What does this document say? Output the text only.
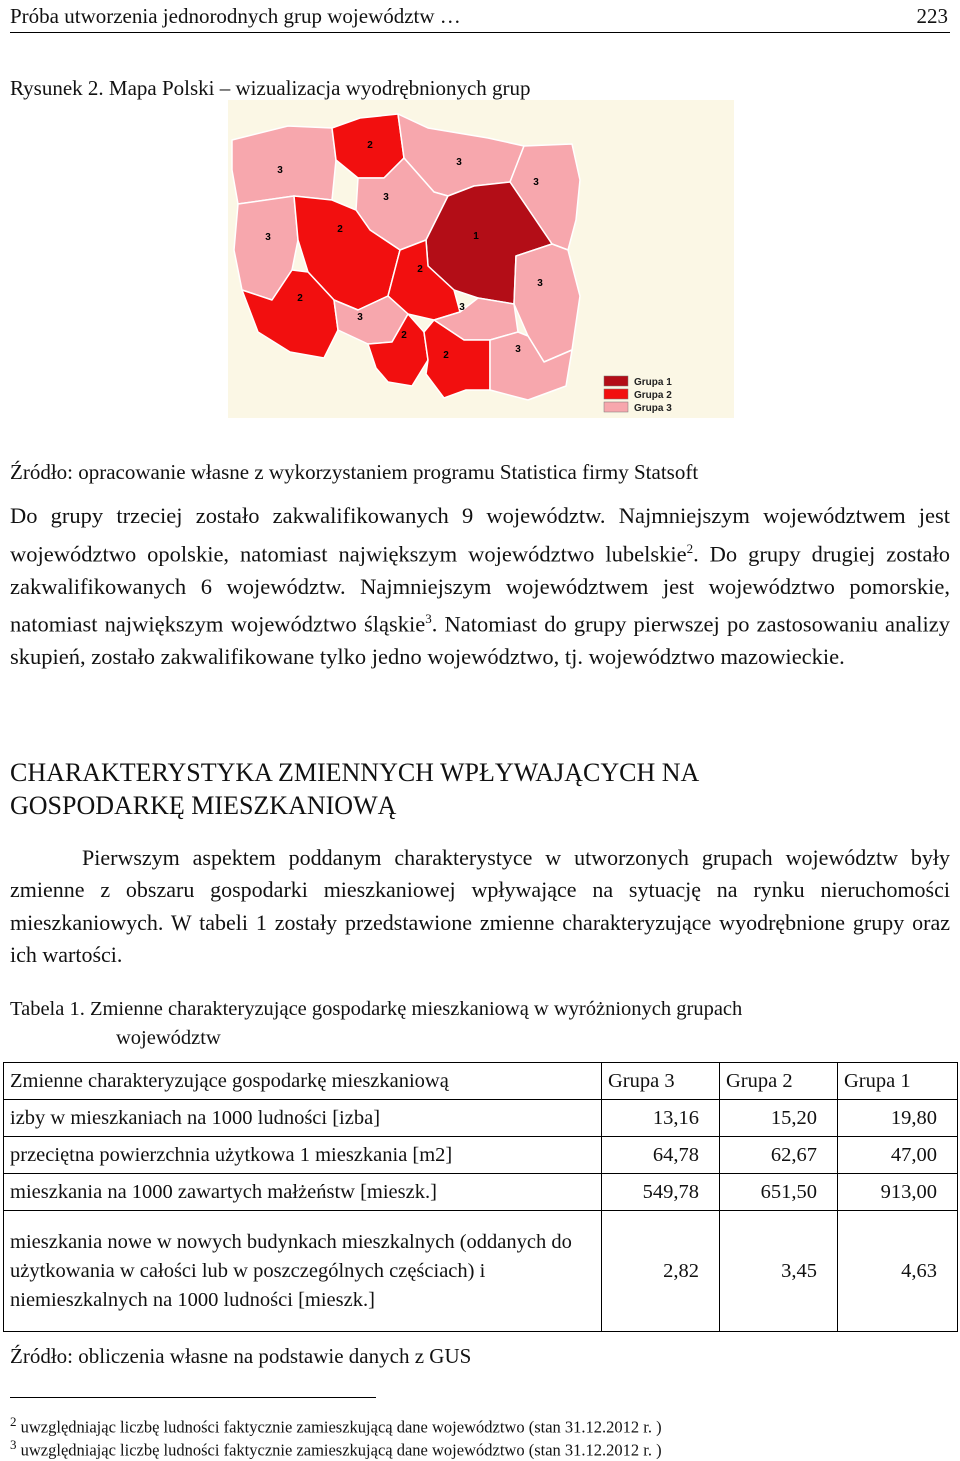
Próba utworzenia jednorodnych grup województw …	223
Rysunek 2. Mapa Polski – wizualizacja wyodrębnionych grup
3
2
3
3
3
3
2
1
2
3
2
3
2
3
2
3
Grupa 1
Grupa 2
Grupa 3
Źródło: opracowanie własne z wykorzystaniem programu Statistica firmy Statsoft
Do grupy trzeciej zostało zakwalifikowanych 9 województw. Najmniejszym województwem jest województwo opolskie, natomiast największym województwo lubelskie$^2$. Do grupy drugiej zostało zakwalifikowanych 6 województw. Najmniejszym województwem jest województwo pomorskie, natomiast największym województwo śląskie$^3$. Natomiast do grupy pierwszej po zastosowaniu analizy skupień, zostało zakwalifikowane tylko jedno województwo, tj. województwo mazowieckie.
CHARAKTERYSTYKA ZMIENNYCH WPŁYWAJĄCYCH NA
GOSPODARKĘ MIESZKANIOWĄ
Pierwszym aspektem poddanym charakterystyce w utworzonych grupach województw były zmienne z obszaru gospodarki mieszkaniowej wpływające na sytuację na rynku nieruchomości mieszkaniowych. W tabeli 1 zostały przedstawione zmienne charakteryzujące wyodrębnione grupy oraz ich wartości.
Tabela 1. Zmienne charakteryzujące gospodarkę mieszkaniową w wyróżnionych grupach
województw
Zmienne charakteryzujące gospodarkę mieszkaniową	Grupa 3	Grupa 2	Grupa 1
izby w mieszkaniach na 1000 ludności [izba]	13,16	15,20	19,80
przeciętna powierzchnia użytkowa 1 mieszkania [m2]	64,78	62,67	47,00
mieszkania na 1000 zawartych małżeństw [mieszk.]	549,78	651,50	913,00
mieszkania nowe w nowych budynkach mieszkalnych (oddanych do użytkowania w całości lub w poszczególnych częściach) i niemieszkalnych na 1000 ludności [mieszk.]	2,82	3,45	4,63
Źródło: obliczenia własne na podstawie danych z GUS
$^2$ uwzględniając liczbę ludności faktycznie zamieszkującą dane województwo (stan 31.12.2012 r. )
$^3$ uwzględniając liczbę ludności faktycznie zamieszkującą dane województwo (stan 31.12.2012 r. )
